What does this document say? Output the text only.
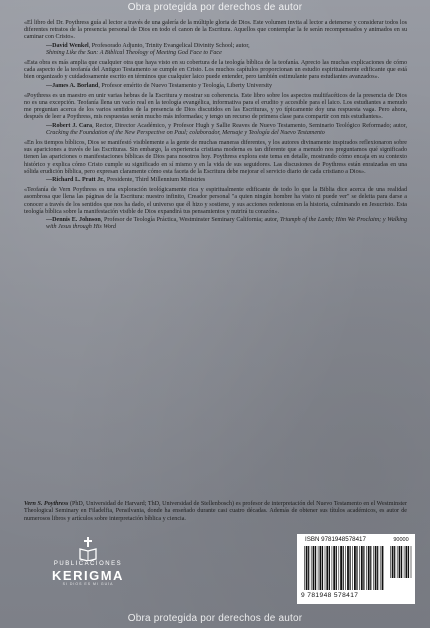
Obra protegida por derechos de autor

«El libro del Dr. Poythress guía al lector a través de una galería de la múltiple gloria de Dios. Este volumen invita al lector a detenerse y considerar todos los diferentes retratos de la presencia personal de Dios en todo el canon de la Escritura. Aquellos que contemplar la fe serán recompensados y animados en su caminar con Cristo».

—David Wenkel, Profesorado Adjunto, Trinity Evangelical Divinity School; autor,
Shining Like the Sun: A Biblical Theology of Meeting God Face to Face

«Esta obra es más amplia que cualquier otra que haya visto en su cobertura de la teología bíblica de la teofanía. Aprecio las muchas explicaciones de cómo cada aspecto de la teofanía del Antiguo Testamento se cumple en Cristo. Los muchos capítulos proporcionan un estudio espiritualmente edificante que está bien organizado y cuidadosamente escrito en términos que cualquier laico puede entender, pero también estimulante para estudiantes avanzados».

—James A. Borland, Profesor emérito de Nuevo Testamento y Teología, Liberty University

«Poythress es un maestro en unir varias hebras de la Escritura y mostrar su coherencia. Este libro sobre los aspectos multifacéticos de la presencia de Dios no es una excepción. Teofanía llena un vacío real en la teología evangélica, informativa para el erudito y accesible para el laico. Los estudiantes a menudo me preguntan acerca de los varios sentidos de la presencia de Dios discutidos en las Escrituras, y yo típicamente doy una respuesta vaga. Pero ahora, después de leer a Poythress, mis respuestas serán mucho más informadas; y tengo un recurso de primera clase para compartir con mis estudiantes».

—Robert J. Cara, Rector, Director Académico, y Profesor Hugh y Sallie Reaves de Nuevo Testamento, Seminario Teológico Reformado; autor, Cracking the Foundation of the New Perspective on Paul; colaborador, Mensaje y Teología del Nuevo Testamento

«En los tiempos bíblicos, Dios se manifestó visiblemente a la gente de muchas maneras diferentes, y los autores divinamente inspirados reflexionaron sobre sus apariciones a través de las Escrituras. Sin embargo, la experiencia cristiana moderna es tan diferente que a menudo nos preguntamos qué significado tienen las apariciones o manifestaciones bíblicas de Dios para nosotros hoy. Poythress explora este tema en detalle, mostrando cómo encaja en su contexto histórico y explica cómo Cristo cumple su significado en sí mismo y en la vida de sus seguidores. Las discusiones de Poythress están enraizadas en una sólida erudición bíblica, pero expresan claramente cómo esta faceta de la Escritura debe mejorar el servicio diario de cada cristiano a Dios».

—Richard L. Pratt Jr., Presidente, Third Millennium Ministries

«Teofanía de Vern Poythress es una exploración teológicamente rica y espiritualmente edificante de todo lo que la Biblia dice acerca de una realidad asombrosa que llena las páginas de la Escritura: nuestro infinito, Creador personal "a quien ningún hombre ha visto ni puede ver" se deleita para darse a conocer a través de los sentidos que nos ha dado, el universo que él hizo y sostiene, y sus acciones redentoras en la historia, culminando en Jesucristo. Esta teología bíblica sobre la manifestación visible de Dios expandirá tus pensamientos y nutrirá tu corazón».

—Dennis E. Johnson, Profesor de Teología Práctica, Westminster Seminary California; autor, Triumph of the Lamb; Him We Proclaim; y Walking with Jesus through His Word

Vern S. Poythress (PhD, Universidad de Harvard; ThD, Universidad de Stellenbosch) es profesor de interpretación del Nuevo Testamento en el Westminster Theological Seminary en Filadelfia, Pensilvania, donde ha enseñado durante casi cuatro décadas. Además de obtener sus títulos académicos, es autor de numerosos libros y artículos sobre interpretación bíblica y ciencia.
PUBLICACIONES
KERIGMA
SI DIOS ES MI GUÍA
ISBN 9781948578417	90000
9 781948 578417
Obra protegida por derechos de autor
